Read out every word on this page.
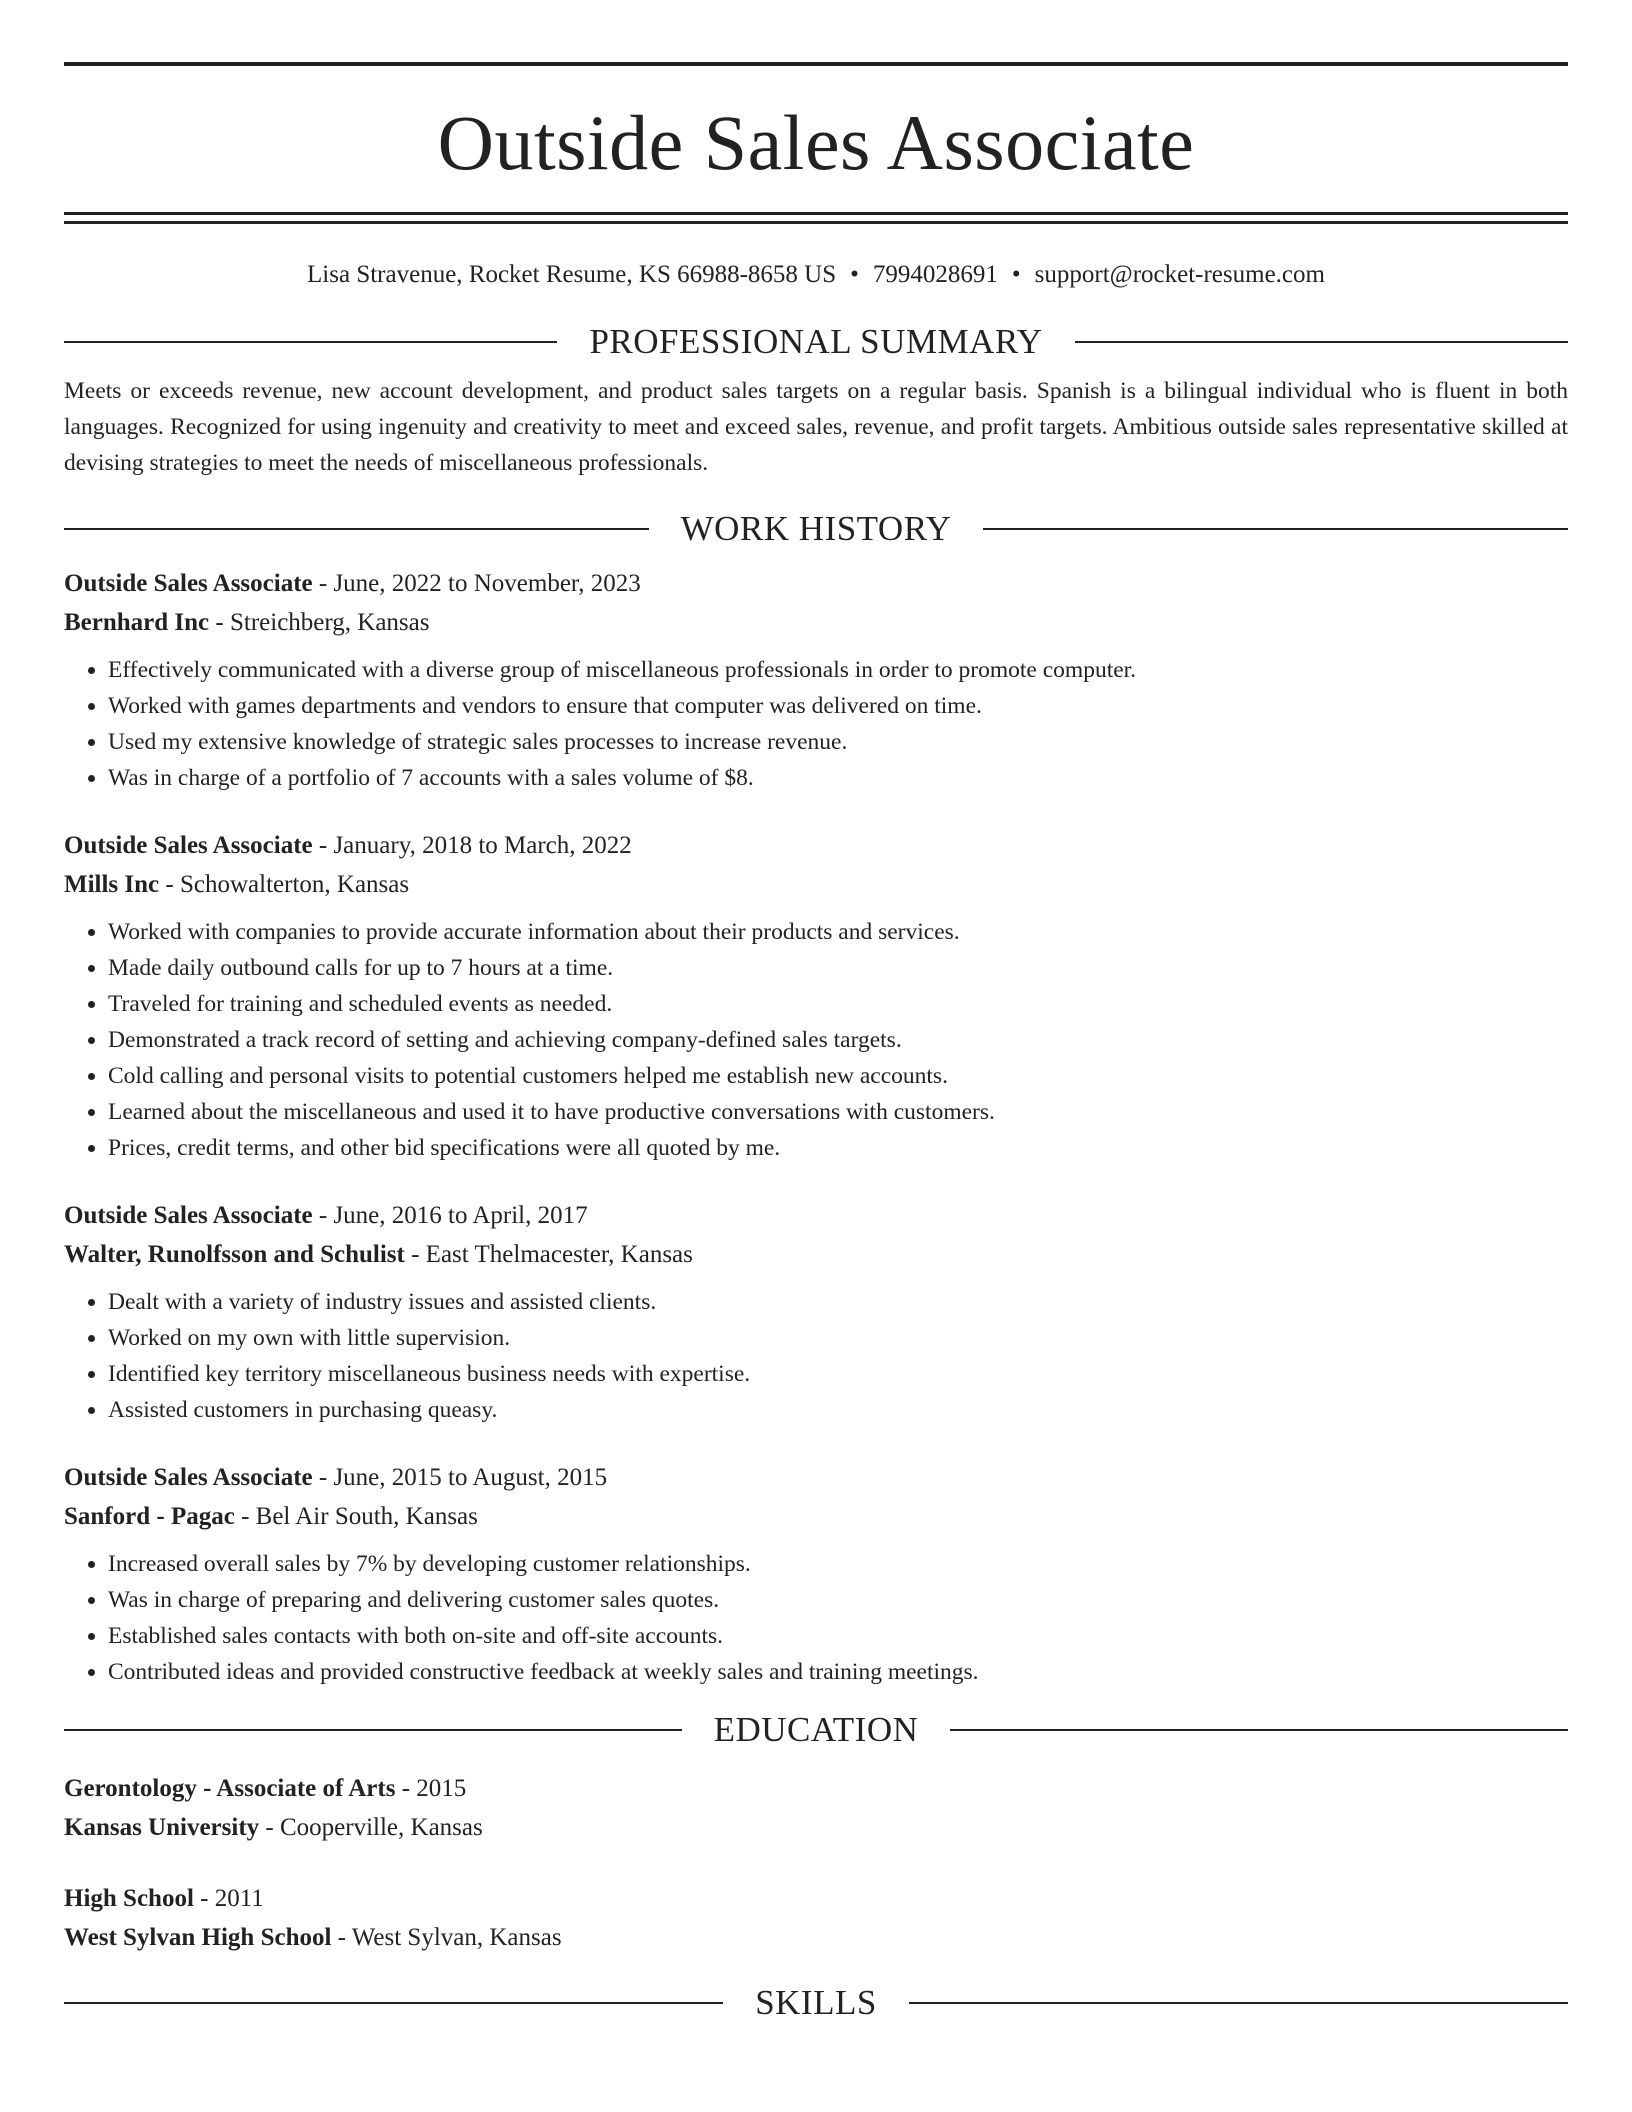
Outside Sales Associate
Lisa Stravenue, Rocket Resume, KS 66988-8658 US • 7994028691 • support@rocket-resume.com
PROFESSIONAL SUMMARY
Meets or exceeds revenue, new account development, and product sales targets on a regular basis. Spanish is a bilingual individual who is fluent in both languages. Recognized for using ingenuity and creativity to meet and exceed sales, revenue, and profit targets. Ambitious outside sales representative skilled at devising strategies to meet the needs of miscellaneous professionals.
WORK HISTORY
Outside Sales Associate - June, 2022 to November, 2023
Bernhard Inc - Streichberg, Kansas
• Effectively communicated with a diverse group of miscellaneous professionals in order to promote computer.
• Worked with games departments and vendors to ensure that computer was delivered on time.
• Used my extensive knowledge of strategic sales processes to increase revenue.
• Was in charge of a portfolio of 7 accounts with a sales volume of $8.
Outside Sales Associate - January, 2018 to March, 2022
Mills Inc - Schowalterton, Kansas
• Worked with companies to provide accurate information about their products and services.
• Made daily outbound calls for up to 7 hours at a time.
• Traveled for training and scheduled events as needed.
• Demonstrated a track record of setting and achieving company-defined sales targets.
• Cold calling and personal visits to potential customers helped me establish new accounts.
• Learned about the miscellaneous and used it to have productive conversations with customers.
• Prices, credit terms, and other bid specifications were all quoted by me.
Outside Sales Associate - June, 2016 to April, 2017
Walter, Runolfsson and Schulist - East Thelmacester, Kansas
• Dealt with a variety of industry issues and assisted clients.
• Worked on my own with little supervision.
• Identified key territory miscellaneous business needs with expertise.
• Assisted customers in purchasing queasy.
Outside Sales Associate - June, 2015 to August, 2015
Sanford - Pagac - Bel Air South, Kansas
• Increased overall sales by 7% by developing customer relationships.
• Was in charge of preparing and delivering customer sales quotes.
• Established sales contacts with both on-site and off-site accounts.
• Contributed ideas and provided constructive feedback at weekly sales and training meetings.
EDUCATION
Gerontology - Associate of Arts - 2015
Kansas University - Cooperville, Kansas
High School - 2011
West Sylvan High School - West Sylvan, Kansas
SKILLS
